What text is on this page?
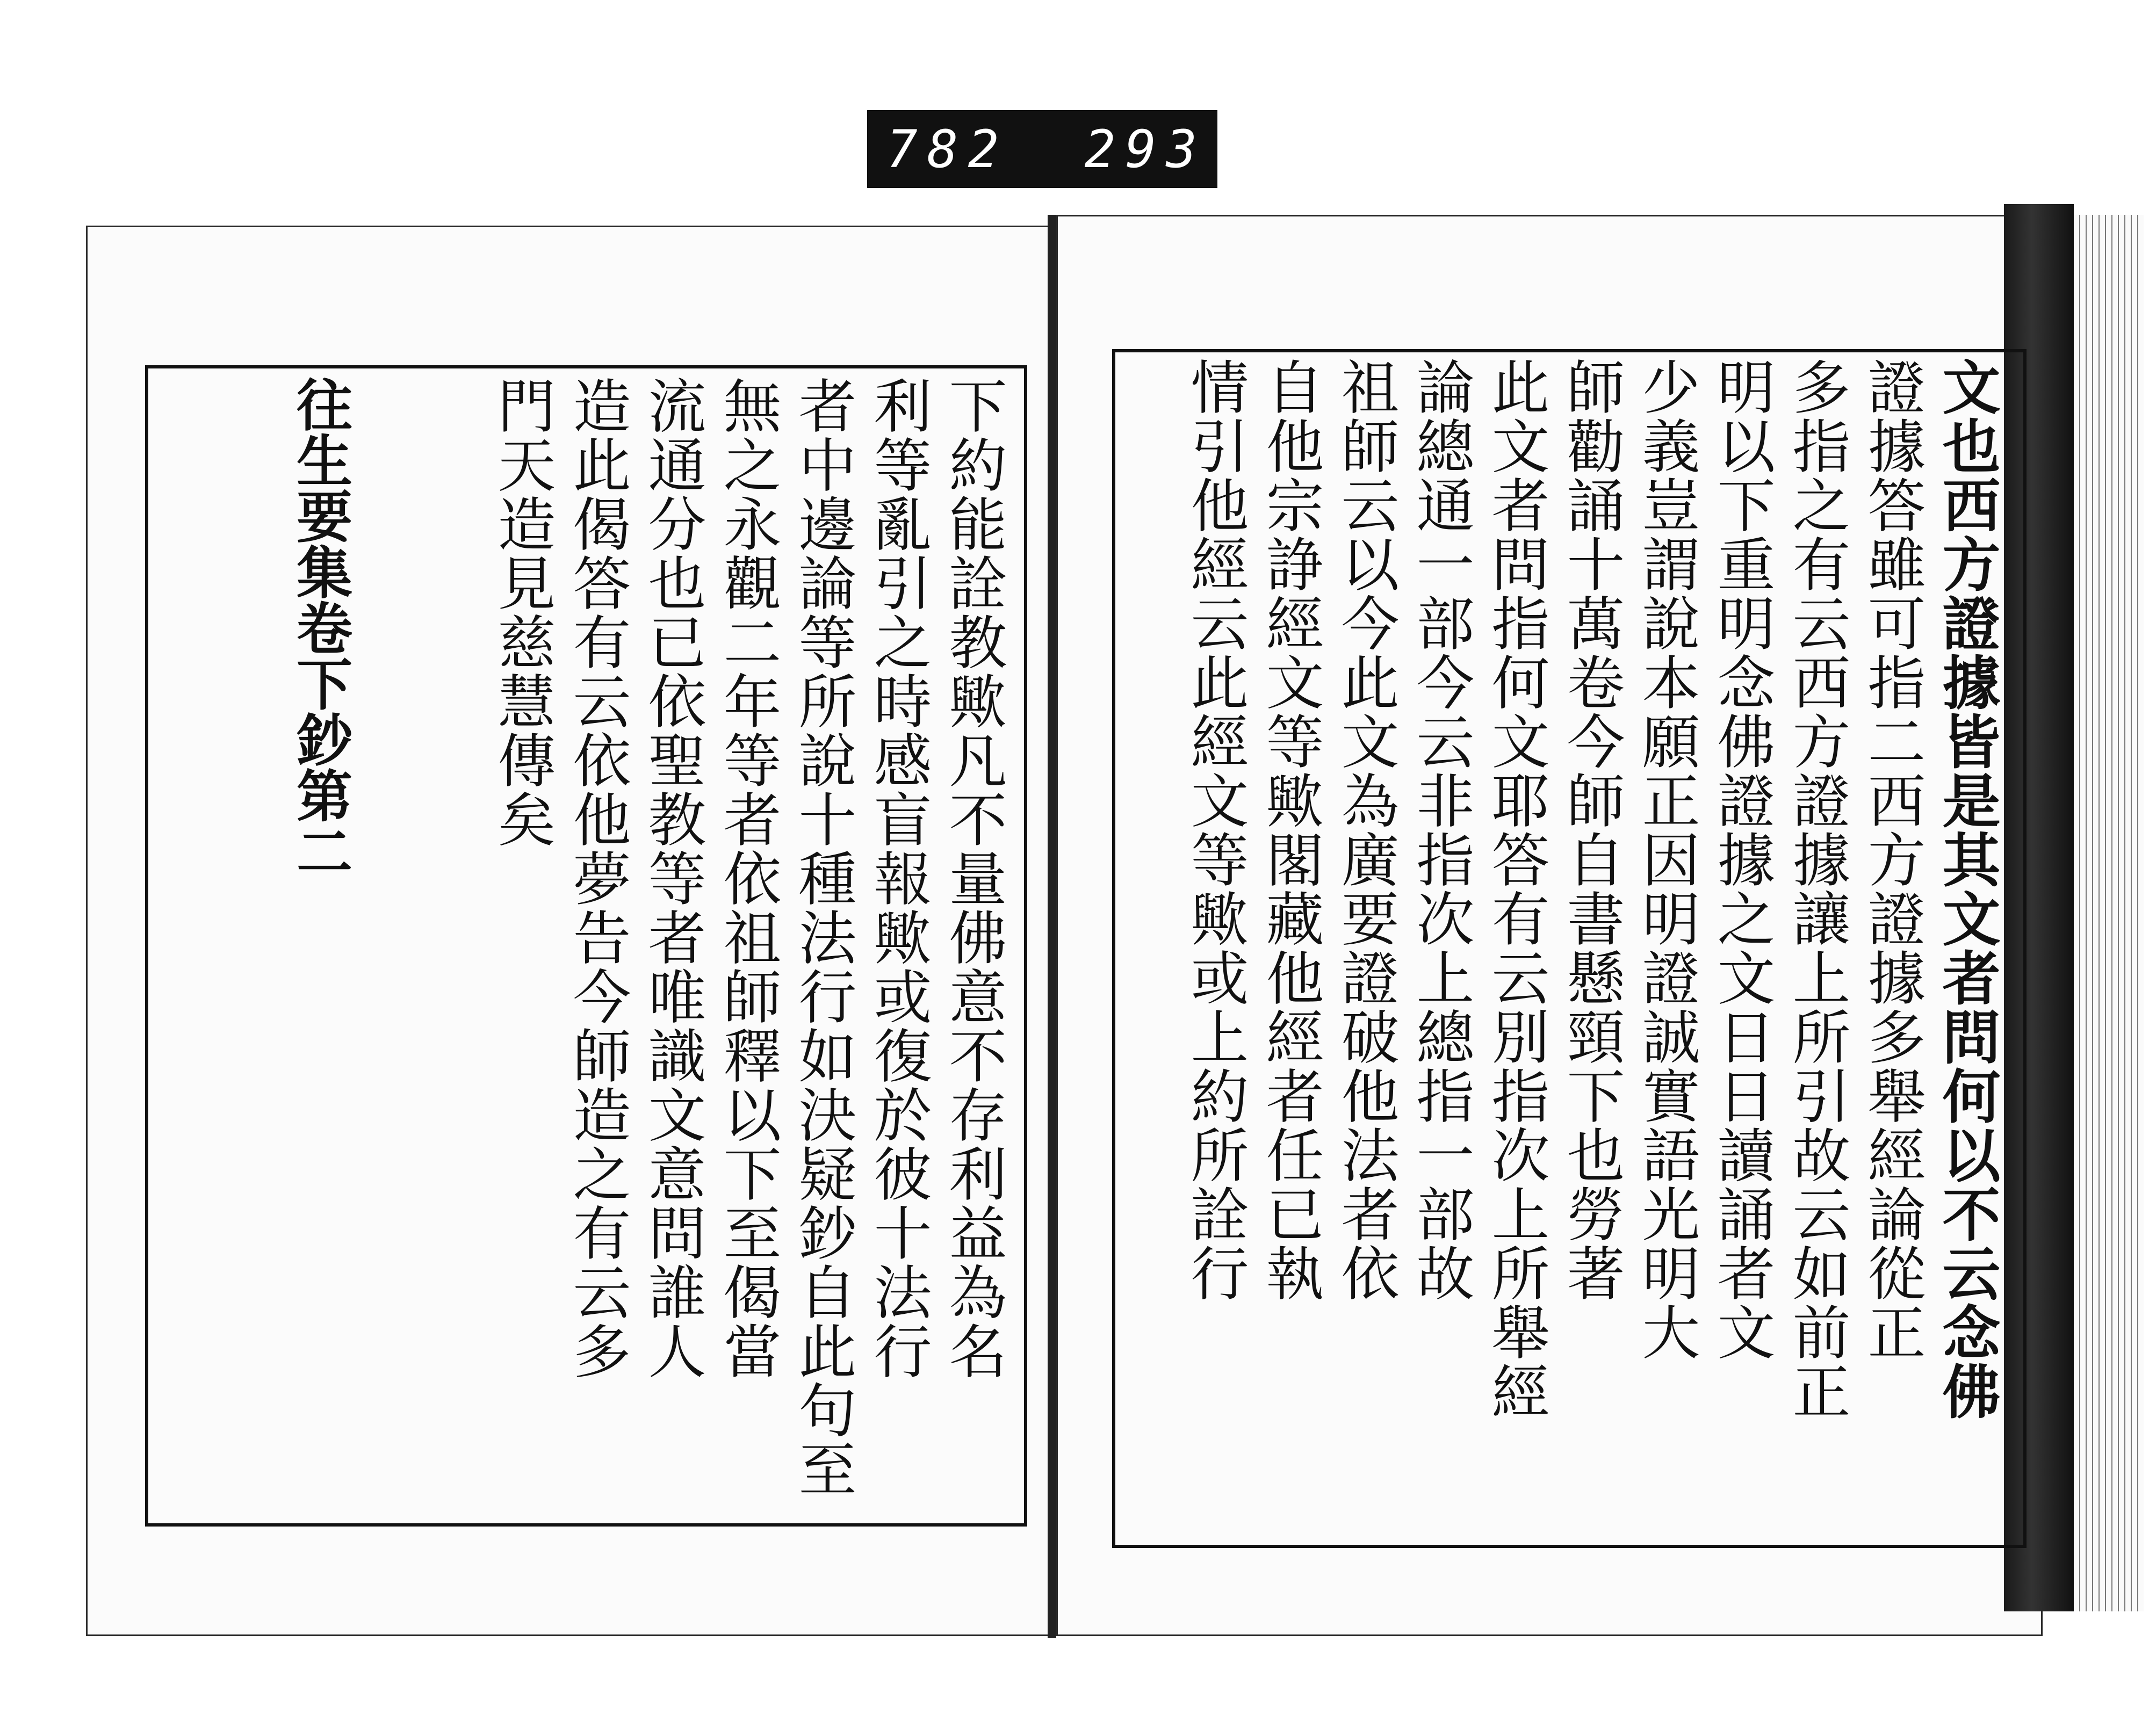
782 293
文也西方證據皆是其文者問何以不云念佛
證據答雖可指二西方證據多舉經論從正
多指之有云西方證據讓上所引故云如前正
明以下重明念佛證據之文日日讀誦者文
少義豈謂說本願正因明證誠實語光明大
師勸誦十萬卷今師自書懸頸下也勞著
此文者問指何文耶答有云別指次上所舉經
論總通一部今云非指次上總指一部故
祖師云以今此文為廣要證破他法者依
自他宗諍經文等歟閣藏他經者任已執
情引他經云此經文等歟或上約所詮行
下約能詮教歟凡不量佛意不存利益為名
利等亂引之時感盲報歟或復於彼十法行
者中邊論等所說十種法行如決疑鈔自此句至
無之永觀二年等者依祖師釋以下至偈當
流通分也已依聖教等者唯識文意問誰人
造此偈答有云依他夢告今師造之有云多
門天造見慈慧傳矣
往生要集卷下鈔第二
